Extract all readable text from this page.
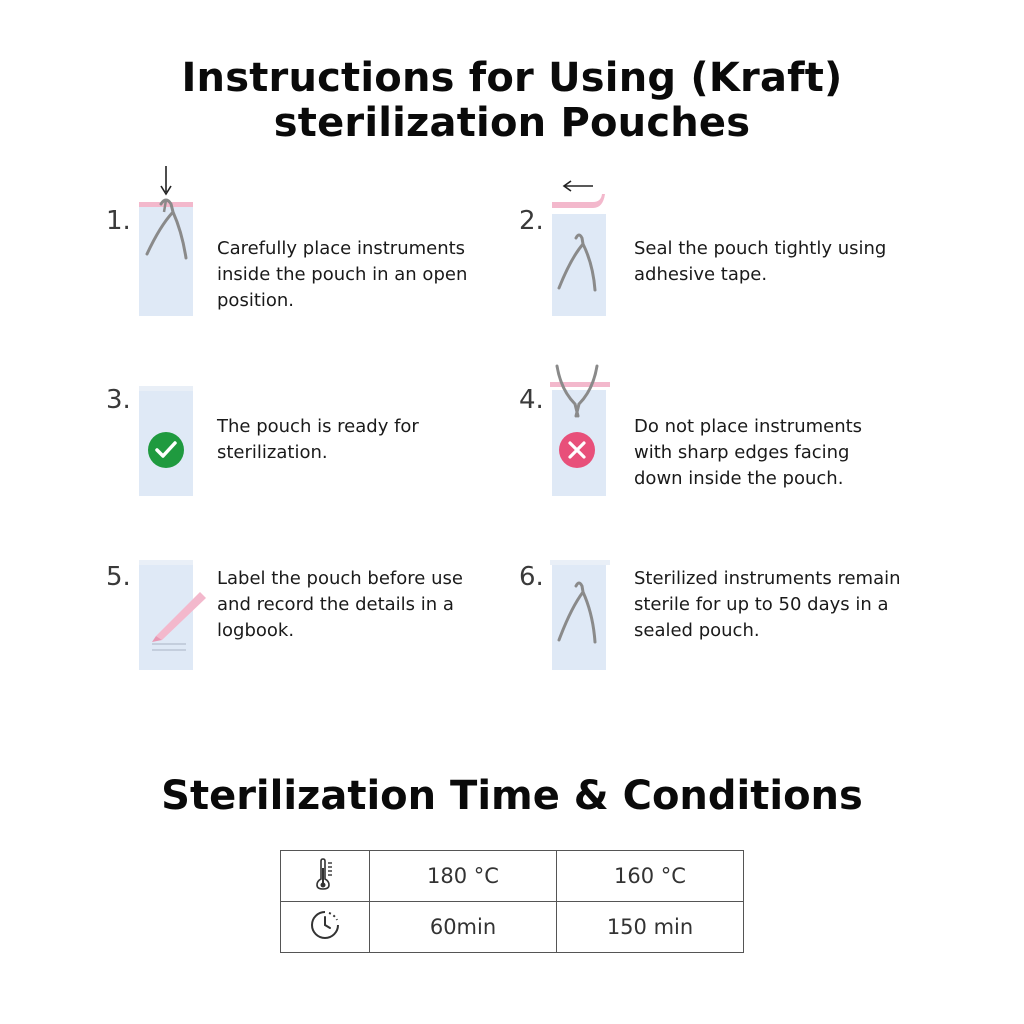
Instructions for Using (Kraft)
sterilization Pouches
1.
Carefully place instruments
inside the pouch in an open
position.
2.
Seal the pouch tightly using
adhesive tape.
3.
The pouch is ready for
sterilization.
4.
Do not place instruments
with sharp edges facing
down inside the pouch.
5.	Label the pouch before use
and record the details in a
logbook.
6.	Sterilized instruments remain
sterile for up to 50 days in a
sealed pouch.
Sterilization Time & Conditions
	180 °C	160 °C
	60min	150 min
